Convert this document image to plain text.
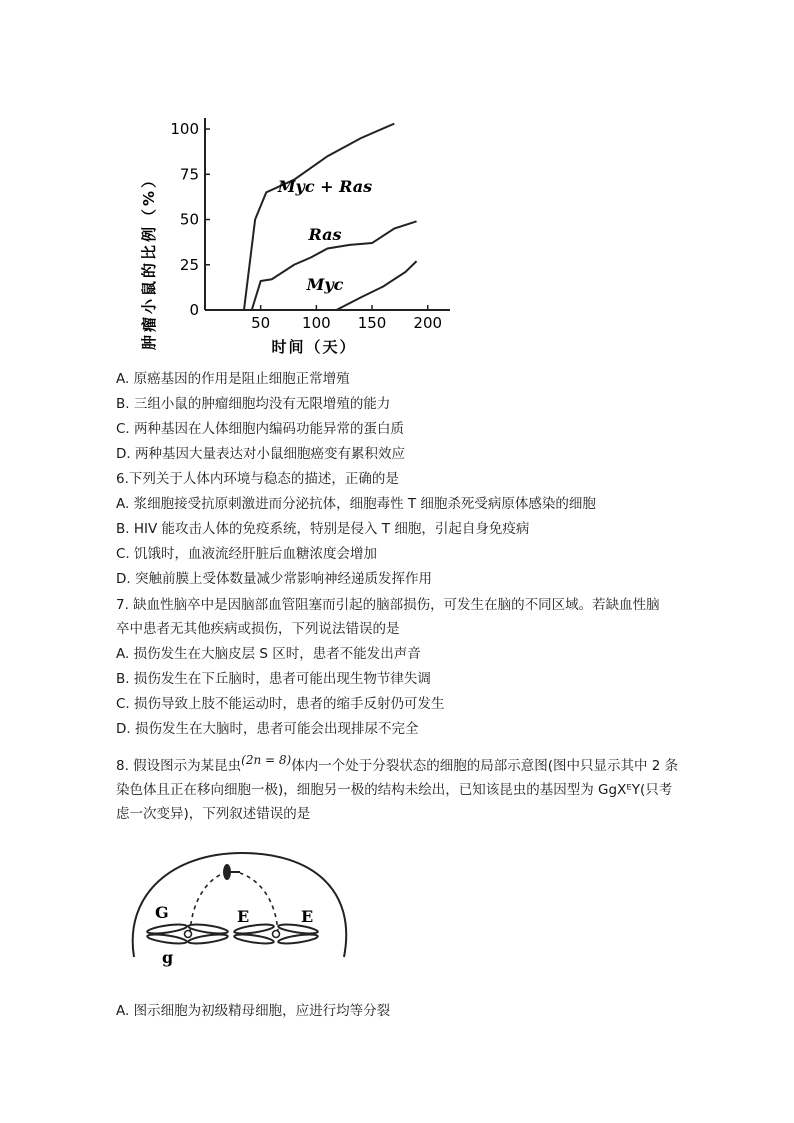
0
25
50
75
100
50 100 150 200
Myc + Ras
Ras
Myc
肿瘤小鼠的比例（%）	时间（天）
A. 原癌基因的作用是阻止细胞正常增殖
B. 三组小鼠的肿瘤细胞均没有无限增殖的能力
C. 两种基因在人体细胞内编码功能异常的蛋白质
D. 两种基因大量表达对小鼠细胞癌变有累积效应
6.下列关于人体内环境与稳态的描述，正确的是
A. 浆细胞接受抗原刺激进而分泌抗体，细胞毒性 T 细胞杀死受病原体感染的细胞
B. HIV 能攻击人体的免疫系统，特别是侵入 T 细胞，引起自身免疫病
C. 饥饿时，血液流经肝脏后血糖浓度会增加
D. 突触前膜上受体数量减少常影响神经递质发挥作用
7. 缺血性脑卒中是因脑部血管阻塞而引起的脑部损伤，可发生在脑的不同区域。若缺血性脑
卒中患者无其他疾病或损伤，下列说法错误的是
A. 损伤发生在大脑皮层 S 区时，患者不能发出声音
B. 损伤发生在下丘脑时，患者可能出现生物节律失调
C. 损伤导致上肢不能运动时，患者的缩手反射仍可发生
D. 损伤发生在大脑时，患者可能会出现排尿不完全
8. 假设图示为某昆虫(2n = 8)体内一个处于分裂状态的细胞的局部示意图(图中只显示其中 2 条染色体且正在移向细胞一极)，细胞另一极的结构未绘出，已知该昆虫的基因型为 GgXᴱY(只考虑一次变异)，下列叙述错误的是
G
g
E	E
A. 图示细胞为初级精母细胞，应进行均等分裂
